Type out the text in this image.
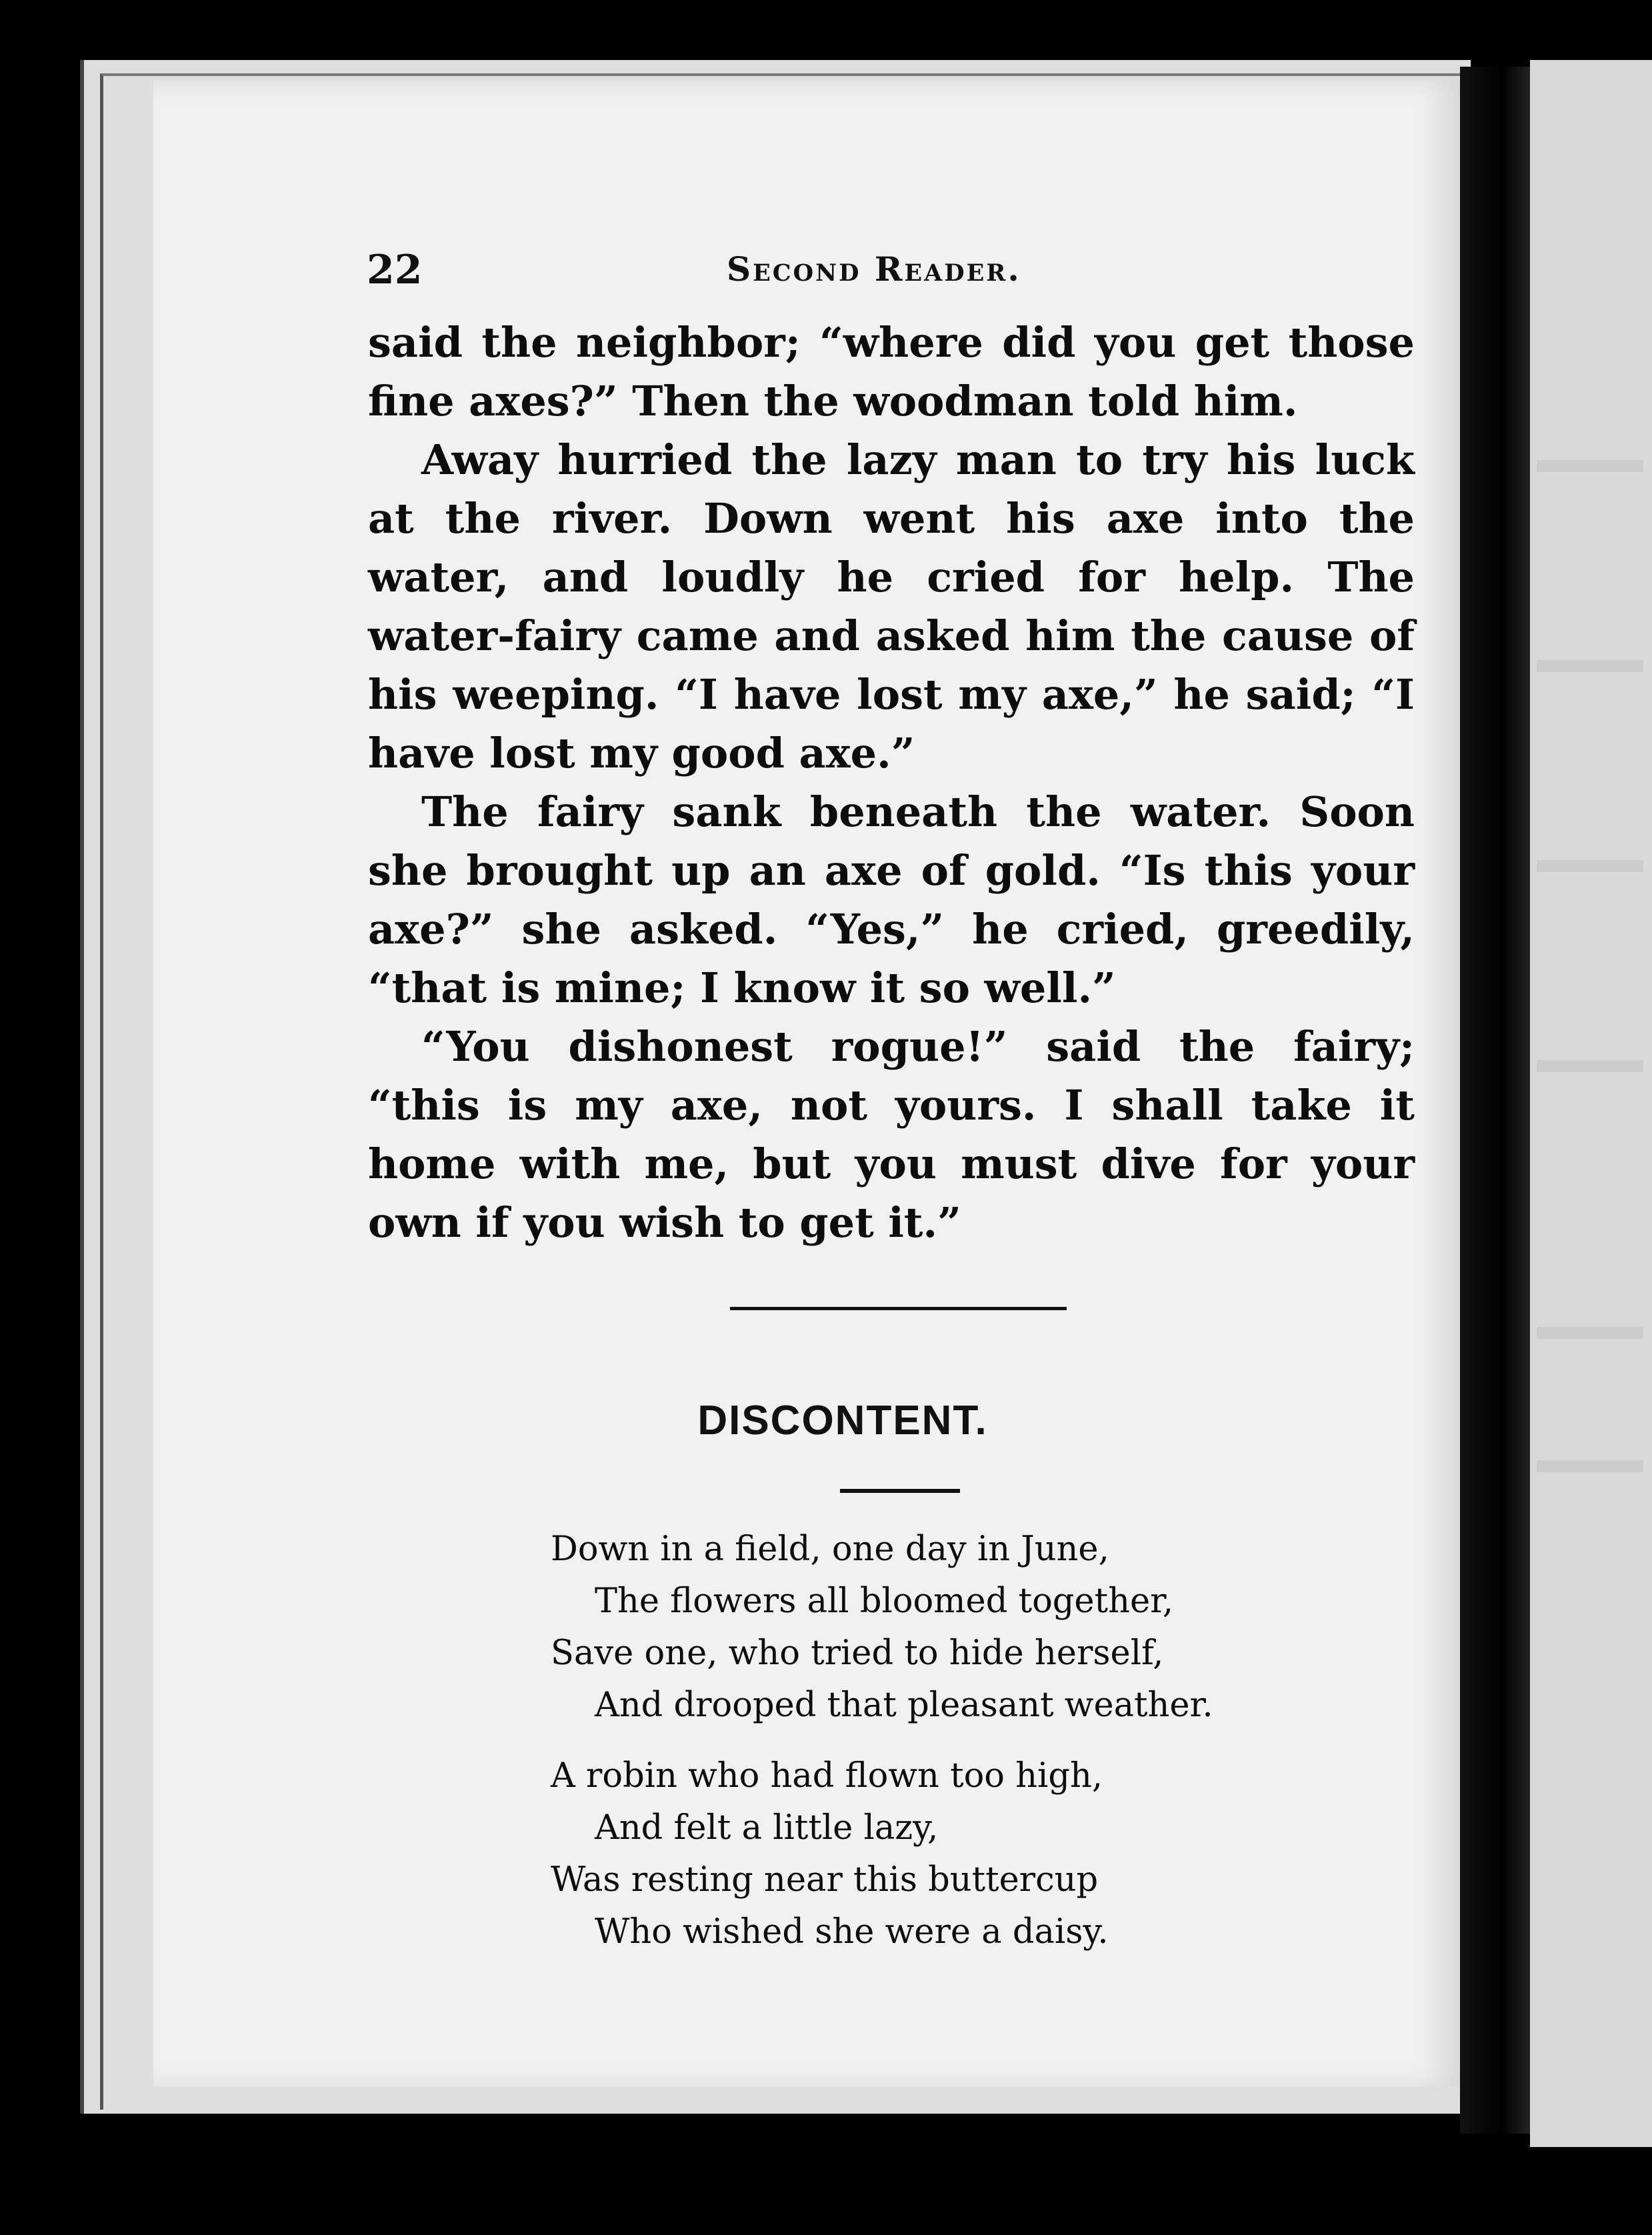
22	Second Reader.

said the neighbor; “where did you get those fine axes?” Then the woodman told him.

Away hurried the lazy man to try his luck at the river. Down went his axe into the water, and loudly he cried for help. The water-fairy came and asked him the cause of his weeping. “I have lost my axe,” he said; “I have lost my good axe.”

The fairy sank beneath the water. Soon she brought up an axe of gold. “Is this your axe?” she asked. “Yes,” he cried, greedily, “that is mine; I know it so well.”

“You dishonest rogue!” said the fairy; “this is my axe, not yours. I shall take it home with me, but you must dive for your own if you wish to get it.”

DISCONTENT.
Down in a field, one day in June,
The flowers all bloomed together,
Save one, who tried to hide herself,
And drooped that pleasant weather.
A robin who had flown too high,
And felt a little lazy,
Was resting near this buttercup
Who wished she were a daisy.
